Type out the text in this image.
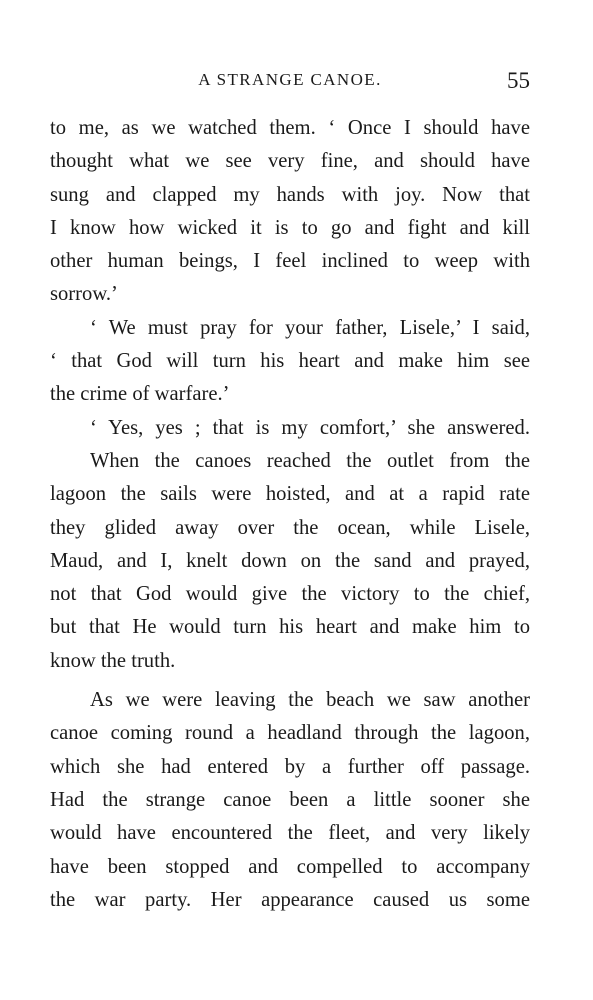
A STRANGE CANOE.	55
to me, as we watched them. ‘ Once I should have
thought what we see very fine, and should have
sung and clapped my hands with joy. Now that
I know how wicked it is to go and fight and kill
other human beings, I feel inclined to weep with
sorrow.’
‘ We must pray for your father, Lisele,’ I said,
‘ that God will turn his heart and make him see
the crime of warfare.’
‘ Yes, yes ; that is my comfort,’ she answered.
When the canoes reached the outlet from the
lagoon the sails were hoisted, and at a rapid rate
they glided away over the ocean, while Lisele,
Maud, and I, knelt down on the sand and prayed,
not that God would give the victory to the chief,
but that He would turn his heart and make him to
know the truth.
As we were leaving the beach we saw another
canoe coming round a headland through the lagoon,
which she had entered by a further off passage.
Had the strange canoe been a little sooner she
would have encountered the fleet, and very likely
have been stopped and compelled to accompany
the war party. Her appearance caused us some
